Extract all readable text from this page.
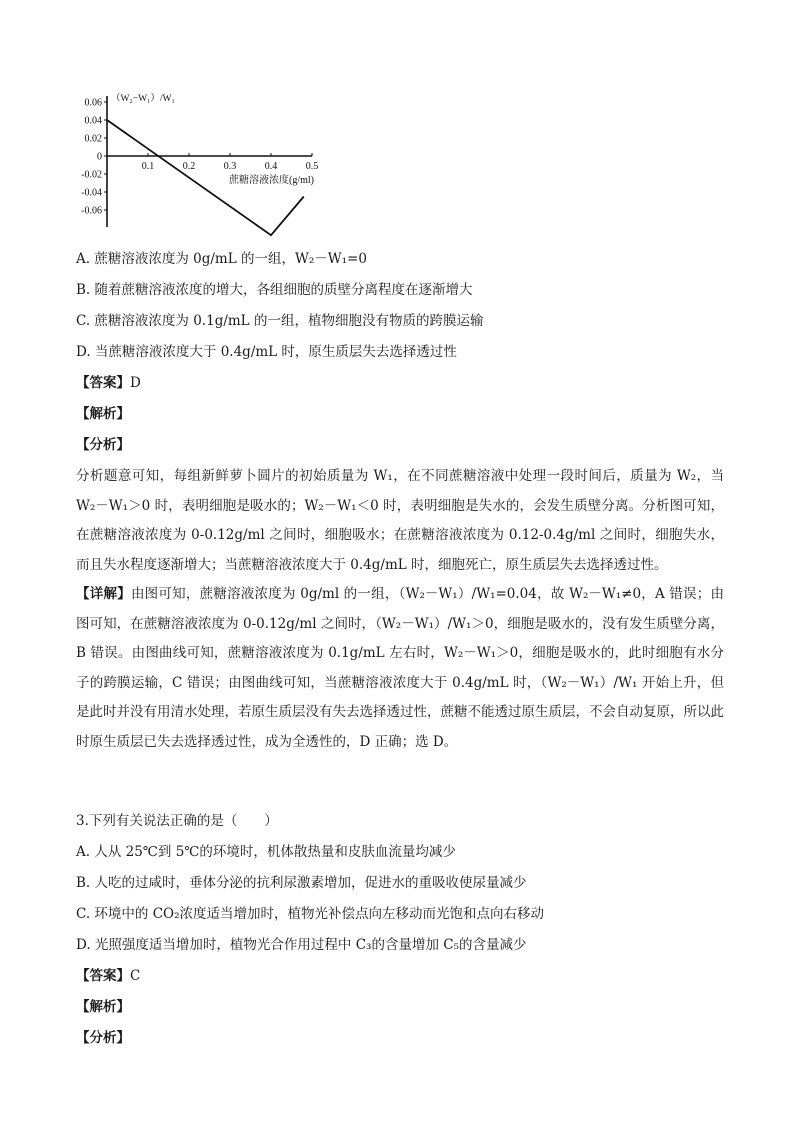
0.06
0.04
0.02
0
-0.02
-0.04
-0.06
0.1	0.2	0.3	0.4	0.5
（W₂−W₁）/W₁
蔗糖溶液浓度(g/ml)
A. 蔗糖溶液浓度为 0g/mL 的一组，W₂－W₁=0
B. 随着蔗糖溶液浓度的增大，各组细胞的质壁分离程度在逐渐增大
C. 蔗糖溶液浓度为 0.1g/mL 的一组，植物细胞没有物质的跨膜运输
D. 当蔗糖溶液浓度大于 0.4g/mL 时，原生质层失去选择透过性
【答案】D
【解析】
【分析】

分析题意可知，每组新鲜萝卜圆片的初始质量为 W₁，在不同蔗糖溶液中处理一段时间后，质量为 W₂，当 W₂－W₁＞0 时，表明细胞是吸水的；W₂－W₁＜0 时，表明细胞是失水的，会发生质壁分离。分析图可知，在蔗糖溶液浓度为 0-0.12g/ml 之间时，细胞吸水；在蔗糖溶液浓度为 0.12-0.4g/ml 之间时，细胞失水，而且失水程度逐渐增大；当蔗糖溶液浓度大于 0.4g/mL 时，细胞死亡，原生质层失去选择透过性。

【详解】由图可知，蔗糖溶液浓度为 0g/ml 的一组，（W₂－W₁）/W₁=0.04，故 W₂－W₁≠0，A 错误；由图可知，在蔗糖溶液浓度为 0-0.12g/ml 之间时，（W₂－W₁）/W₁＞0，细胞是吸水的，没有发生质壁分离，B 错误。由图曲线可知，蔗糖溶液浓度为 0.1g/mL 左右时，W₂－W₁＞0，细胞是吸水的，此时细胞有水分子的跨膜运输，C 错误；由图曲线可知，当蔗糖溶液浓度大于 0.4g/mL 时，（W₂－W₁）/W₁ 开始上升，但是此时并没有用清水处理，若原生质层没有失去选择透过性，蔗糖不能透过原生质层，不会自动复原，所以此时原生质层已失去选择透过性，成为全透性的，D 正确；选 D。

3.下列有关说法正确的是（　　）
A. 人从 25℃到 5℃的环境时，机体散热量和皮肤血流量均减少
B. 人吃的过咸时，垂体分泌的抗利尿激素增加，促进水的重吸收使尿量减少
C. 环境中的 CO₂浓度适当增加时，植物光补偿点向左移动而光饱和点向右移动
D. 光照强度适当增加时，植物光合作用过程中 C₃的含量增加 C₅的含量减少
【答案】C
【解析】
【分析】
